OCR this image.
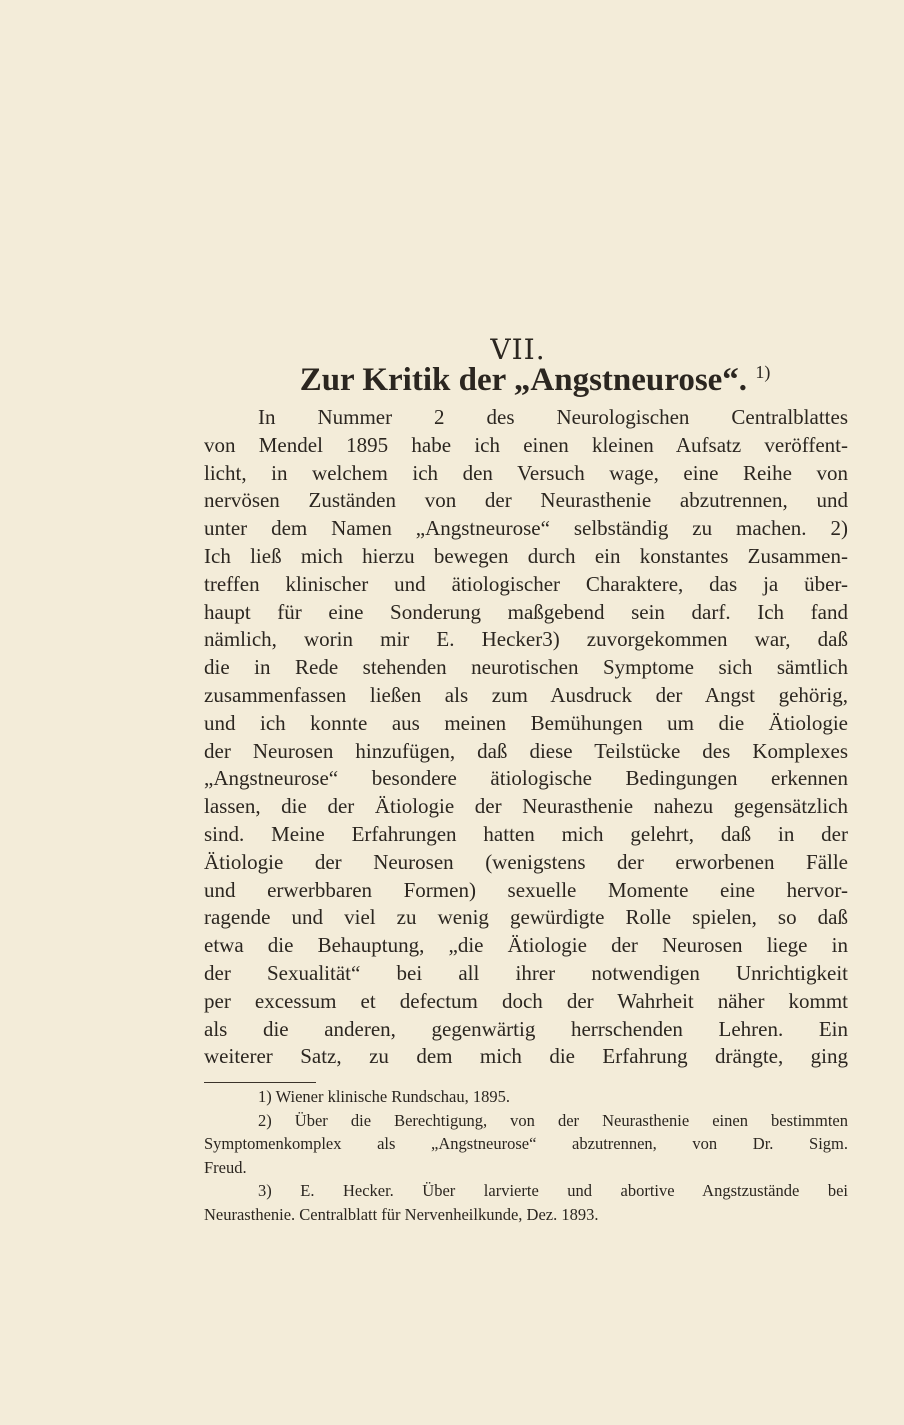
VII.
Zur Kritik der „Angstneurose“. $^{1)}$
In Nummer 2 des Neurologischen Centralblattes
von Mendel 1895 habe ich einen kleinen Aufsatz veröffent-
licht, in welchem ich den Versuch wage, eine Reihe von
nervösen Zuständen von der Neurasthenie abzutrennen, und
unter dem Namen „Angstneurose“ selbständig zu machen. 2)
Ich ließ mich hierzu bewegen durch ein konstantes Zusammen-
treffen klinischer und ätiologischer Charaktere, das ja über-
haupt für eine Sonderung maßgebend sein darf. Ich fand
nämlich, worin mir E. Hecker3) zuvorgekommen war, daß
die in Rede stehenden neurotischen Symptome sich sämtlich
zusammenfassen ließen als zum Ausdruck der Angst gehörig,
und ich konnte aus meinen Bemühungen um die Ätiologie
der Neurosen hinzufügen, daß diese Teilstücke des Komplexes
„Angstneurose“ besondere ätiologische Bedingungen erkennen
lassen, die der Ätiologie der Neurasthenie nahezu gegensätzlich
sind. Meine Erfahrungen hatten mich gelehrt, daß in der
Ätiologie der Neurosen (wenigstens der erworbenen Fälle
und erwerbbaren Formen) sexuelle Momente eine hervor-
ragende und viel zu wenig gewürdigte Rolle spielen, so daß
etwa die Behauptung, „die Ätiologie der Neurosen liege in
der Sexualität“ bei all ihrer notwendigen Unrichtigkeit
per excessum et defectum doch der Wahrheit näher kommt
als die anderen, gegenwärtig herrschenden Lehren. Ein
weiterer Satz, zu dem mich die Erfahrung drängte, ging
1) Wiener klinische Rundschau, 1895.
2) Über die Berechtigung, von der Neurasthenie einen bestimmten
Symptomenkomplex als „Angstneurose“ abzutrennen, von Dr. Sigm.
Freud.
3) E. Hecker. Über larvierte und abortive Angstzustände bei
Neurasthenie. Centralblatt für Nervenheilkunde, Dez. 1893.
